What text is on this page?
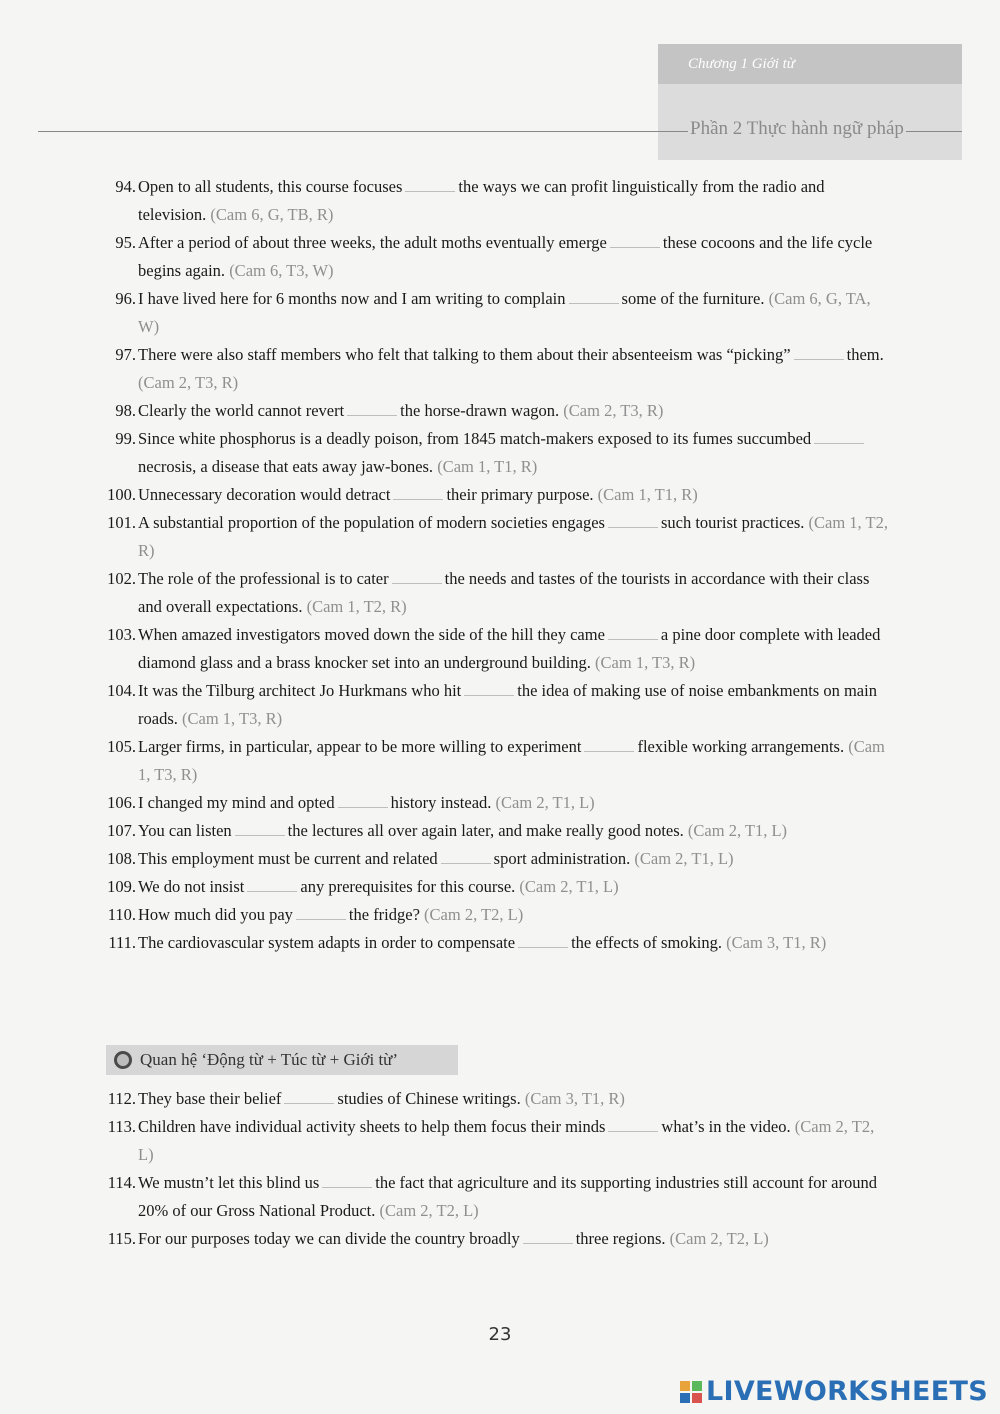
Chương 1 Giới từ
Phần 2 Thực hành ngữ pháp
94. Open to all students, this course focuses	the ways we can profit linguistically from the radio and television. (Cam 6, G, TB, R)
95. After a period of about three weeks, the adult moths eventually emerge	these cocoons and the life cycle begins again. (Cam 6, T3, W)
96. I have lived here for 6 months now and I am writing to complain	some of the furniture. (Cam 6, G, TA, W)
97. There were also staff members who felt that talking to them about their absenteeism was “picking”	them. (Cam 2, T3, R)
98. Clearly the world cannot revert	the horse-drawn wagon. (Cam 2, T3, R)
99. Since white phosphorus is a deadly poison, from 1845 match-makers exposed to its fumes succumbednecrosis, a disease that eats away jaw-bones. (Cam 1, T1, R)
100. Unnecessary decoration would detract	their primary purpose. (Cam 1, T1, R)
101. A substantial proportion of the population of modern societies engages	such tourist practices. (Cam 1, T2, R)
102. The role of the professional is to cater	the needs and tastes of the tourists in accordance with their class and overall expectations. (Cam 1, T2, R)
103. When amazed investigators moved down the side of the hill they came	a pine door complete with leaded diamond glass and a brass knocker set into an underground building. (Cam 1, T3, R)
104. It was the Tilburg architect Jo Hurkmans who hit	the idea of making use of noise embankments on main roads. (Cam 1, T3, R)
105. Larger firms, in particular, appear to be more willing to experiment	flexible working arrangements. (Cam 1, T3, R)
106. I changed my mind and opted	history instead. (Cam 2, T1, L)
107. You can listen	the lectures all over again later, and make really good notes. (Cam 2, T1, L)
108. This employment must be current and related	sport administration. (Cam 2, T1, L)
109. We do not insist	any prerequisites for this course. (Cam 2, T1, L)
110. How much did you pay	the fridge? (Cam 2, T2, L)
111. The cardiovascular system adapts in order to compensate	the effects of smoking. (Cam 3, T1, R)
Quan hệ ‘Động từ + Túc từ + Giới từ’
112. They base their belief	studies of Chinese writings. (Cam 3, T1, R)
113. Children have individual activity sheets to help them focus their minds	what’s in the video. (Cam 2, T2, L)
114. We mustn’t let this blind us	the fact that agriculture and its supporting industries still account for around 20% of our Gross National Product. (Cam 2, T2, L)
115. For our purposes today we can divide the country broadly	three regions. (Cam 2, T2, L)
23
LIVEWORKSHEETS
